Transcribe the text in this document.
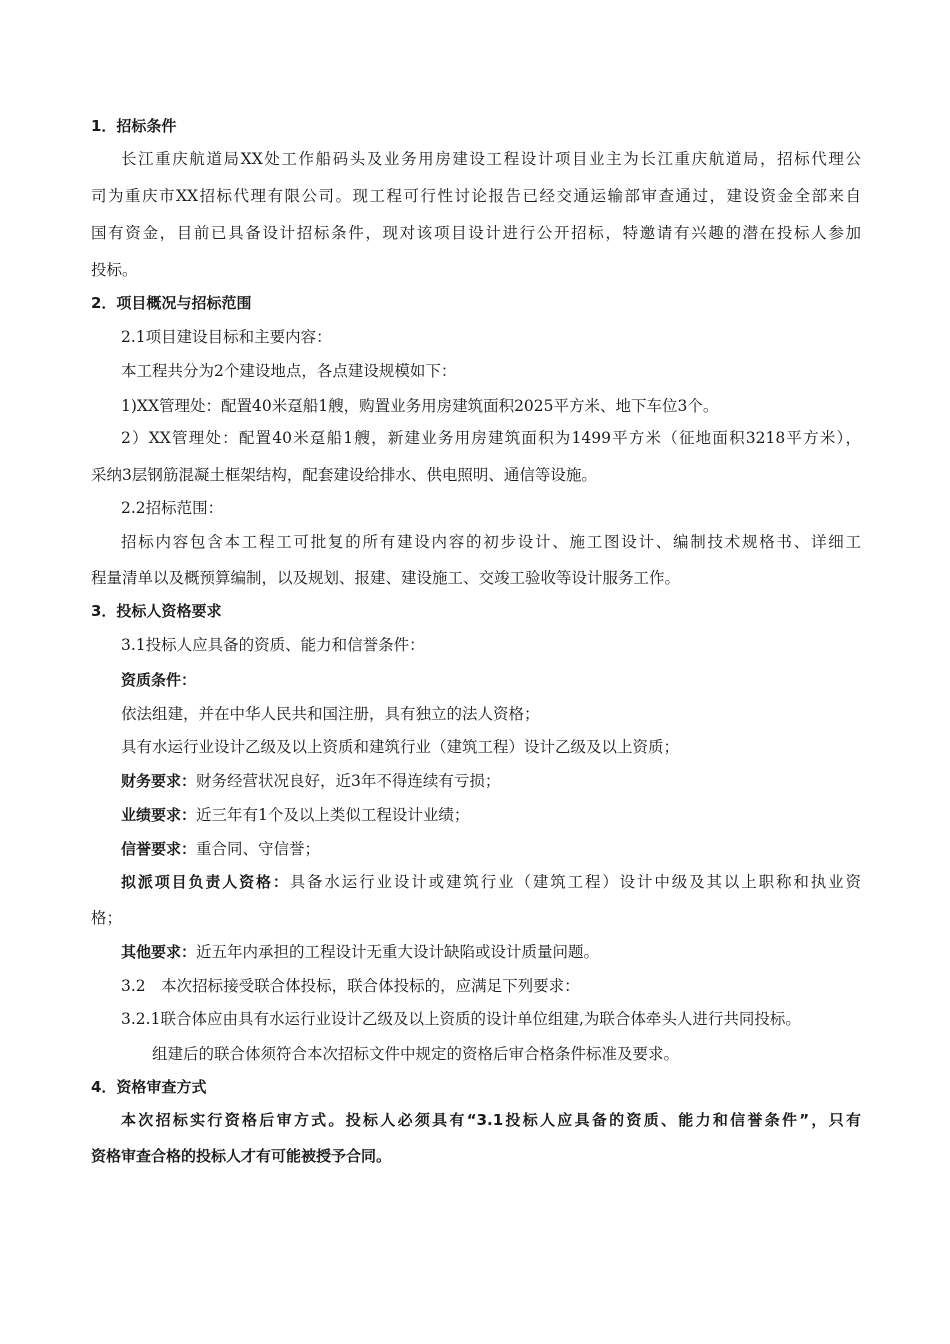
1．招标条件
长江重庆航道局XX处工作船码头及业务用房建设工程设计项目业主为长江重庆航道局，招标代理公
司为重庆市XX招标代理有限公司。现工程可行性讨论报告已经交通运输部审查通过，建设资金全部来自
国有资金，目前已具备设计招标条件，现对该项目设计进行公开招标，特邀请有兴趣的潜在投标人参加
投标。
2．项目概况与招标范围
2.1项目建设目标和主要内容：
本工程共分为2个建设地点，各点建设规模如下：
1)XX管理处：配置40米趸船1艘，购置业务用房建筑面积2025平方米、地下车位3个。
2）XX管理处：配置40米趸船1艘，新建业务用房建筑面积为1499平方米（征地面积3218平方米），
采纳3层钢筋混凝土框架结构，配套建设给排水、供电照明、通信等设施。
2.2招标范围：
招标内容包含本工程工可批复的所有建设内容的初步设计、施工图设计、编制技术规格书、详细工
程量清单以及概预算编制，以及规划、报建、建设施工、交竣工验收等设计服务工作。
3．投标人资格要求
3.1投标人应具备的资质、能力和信誉条件：
资质条件：
依法组建，并在中华人民共和国注册，具有独立的法人资格；
具有水运行业设计乙级及以上资质和建筑行业（建筑工程）设计乙级及以上资质；
财务要求：财务经营状况良好，近3年不得连续有亏损；
业绩要求：近三年有1个及以上类似工程设计业绩；
信誉要求：重合同、守信誉；
拟派项目负责人资格：具备水运行业设计或建筑行业（建筑工程）设计中级及其以上职称和执业资
格；
其他要求：近五年内承担的工程设计无重大设计缺陷或设计质量问题。
3.2　本次招标接受联合体投标，联合体投标的，应满足下列要求：
3.2.1联合体应由具有水运行业设计乙级及以上资质的设计单位组建,为联合体牵头人进行共同投标。
组建后的联合体须符合本次招标文件中规定的资格后审合格条件标准及要求。
4．资格审查方式
本次招标实行资格后审方式。投标人必须具有“3.1投标人应具备的资质、能力和信誉条件”，只有
资格审查合格的投标人才有可能被授予合同。
